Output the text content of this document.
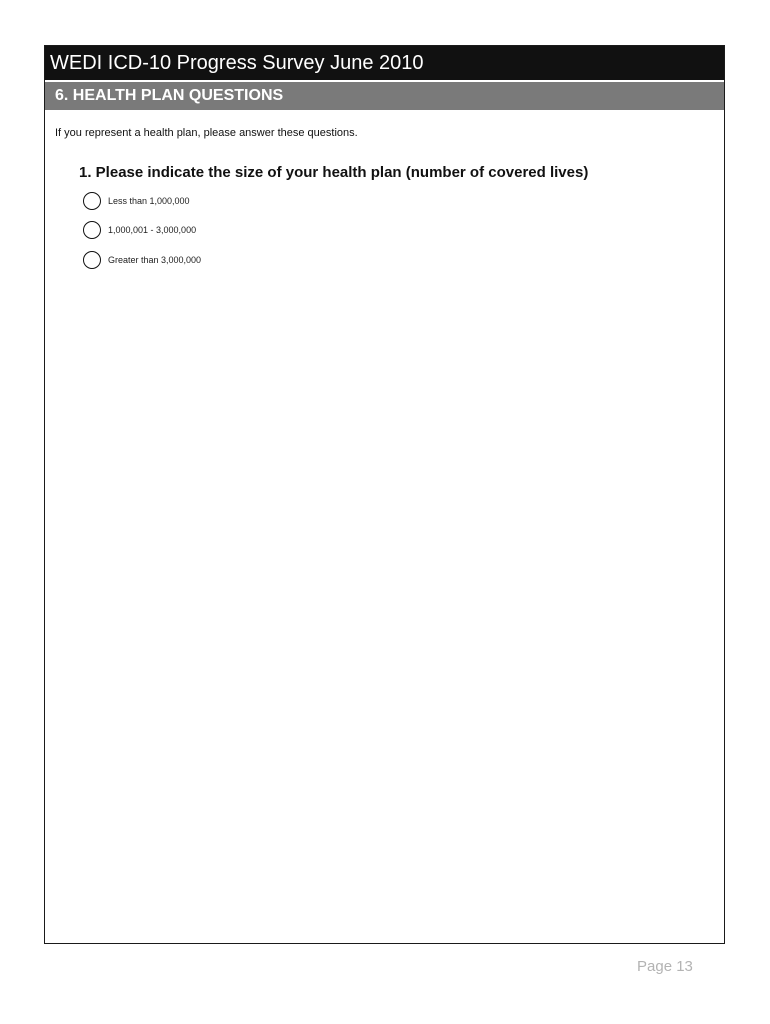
WEDI ICD-10 Progress Survey June 2010
6. HEALTH PLAN QUESTIONS
If you represent a health plan, please answer these questions.
1. Please indicate the size of your health plan (number of covered lives)
Less than 1,000,000
1,000,001 - 3,000,000
Greater than 3,000,000
Page 13
